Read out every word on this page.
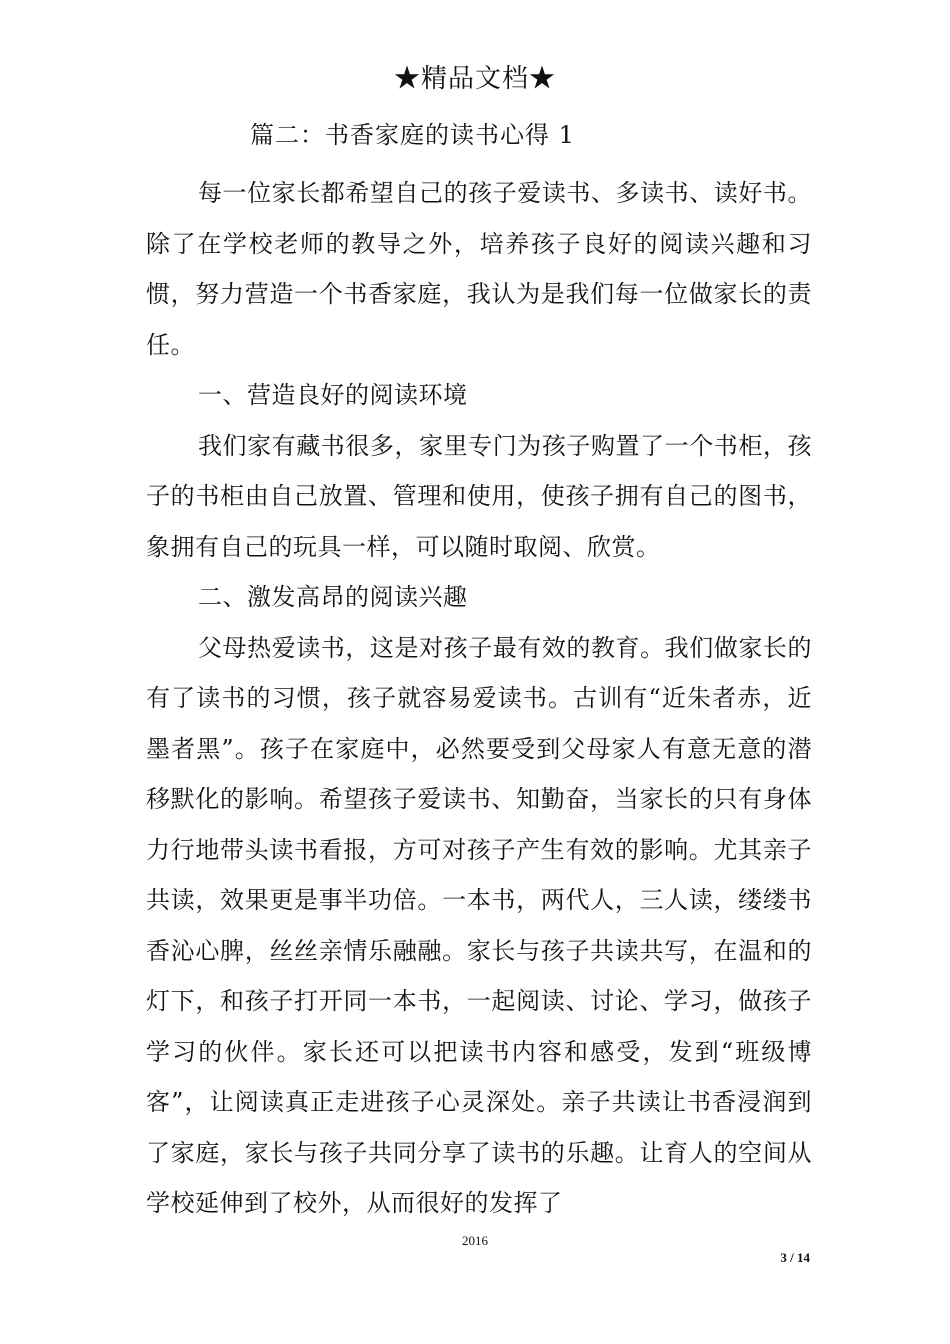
★精品文档★
篇二：书香家庭的读书心得 1

每一位家长都希望自己的孩子爱读书、多读书、读好书。除了在学校老师的教导之外，培养孩子良好的阅读兴趣和习惯，努力营造一个书香家庭，我认为是我们每一位做家长的责任。

一、营造良好的阅读环境

我们家有藏书很多，家里专门为孩子购置了一个书柜，孩子的书柜由自己放置、管理和使用，使孩子拥有自己的图书，象拥有自己的玩具一样，可以随时取阅、欣赏。

二、激发高昂的阅读兴趣

父母热爱读书，这是对孩子最有效的教育。我们做家长的有了读书的习惯，孩子就容易爱读书。古训有“近朱者赤，近墨者黑”。孩子在家庭中，必然要受到父母家人有意无意的潜移默化的影响。希望孩子爱读书、知勤奋，当家长的只有身体力行地带头读书看报，方可对孩子产生有效的影响。尤其亲子共读，效果更是事半功倍。一本书，两代人，三人读，缕缕书香沁心脾，丝丝亲情乐融融。家长与孩子共读共写，在温和的灯下，和孩子打开同一本书，一起阅读、讨论、学习，做孩子学习的伙伴。家长还可以把读书内容和感受，发到“班级博客”，让阅读真正走进孩子心灵深处。亲子共读让书香浸润到了家庭，家长与孩子共同分享了读书的乐趣。让育人的空间从学校延伸到了校外，从而很好的发挥了

2016
3 / 14
